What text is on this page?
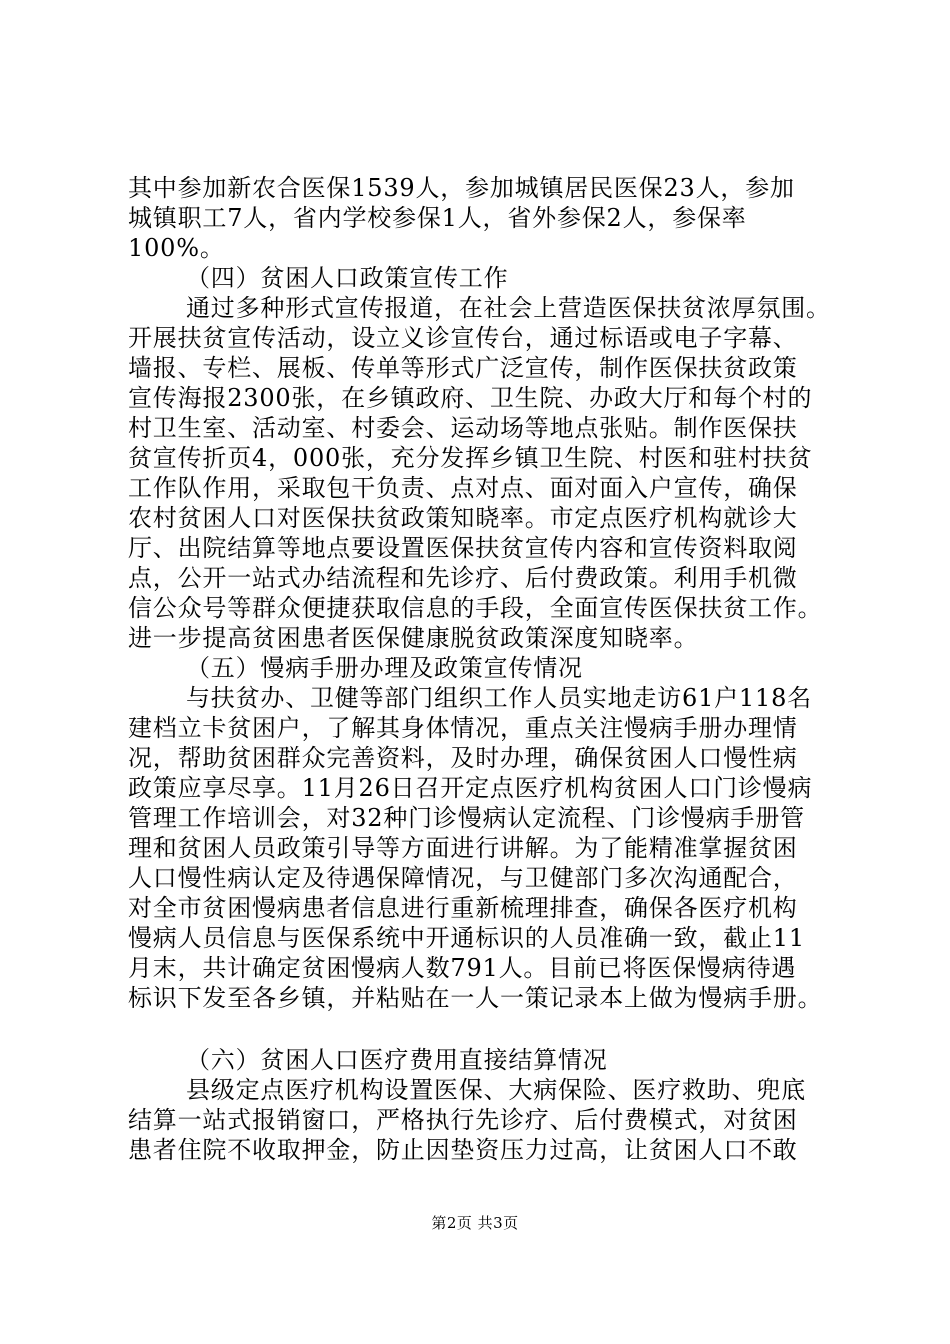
其中参加新农合医保1539人，参加城镇居民医保23人，参加
城镇职工7人，省内学校参保1人，省外参保2人，参保率
100%。
（四）贫困人口政策宣传工作
通过多种形式宣传报道，在社会上营造医保扶贫浓厚氛围。
开展扶贫宣传活动，设立义诊宣传台，通过标语或电子字幕、
墙报、专栏、展板、传单等形式广泛宣传，制作医保扶贫政策
宣传海报2300张，在乡镇政府、卫生院、办政大厅和每个村的
村卫生室、活动室、村委会、运动场等地点张贴。制作医保扶
贫宣传折页4，000张，充分发挥乡镇卫生院、村医和驻村扶贫
工作队作用，采取包干负责、点对点、面对面入户宣传，确保
农村贫困人口对医保扶贫政策知晓率。市定点医疗机构就诊大
厅、出院结算等地点要设置医保扶贫宣传内容和宣传资料取阅
点，公开一站式办结流程和先诊疗、后付费政策。利用手机微
信公众号等群众便捷获取信息的手段，全面宣传医保扶贫工作。
进一步提高贫困患者医保健康脱贫政策深度知晓率。
（五）慢病手册办理及政策宣传情况
与扶贫办、卫健等部门组织工作人员实地走访61户118名
建档立卡贫困户，了解其身体情况，重点关注慢病手册办理情
况，帮助贫困群众完善资料，及时办理，确保贫困人口慢性病
政策应享尽享。11月26日召开定点医疗机构贫困人口门诊慢病
管理工作培训会，对32种门诊慢病认定流程、门诊慢病手册管
理和贫困人员政策引导等方面进行讲解。为了能精准掌握贫困
人口慢性病认定及待遇保障情况，与卫健部门多次沟通配合，
对全市贫困慢病患者信息进行重新梳理排查，确保各医疗机构
慢病人员信息与医保系统中开通标识的人员准确一致，截止11
月末，共计确定贫困慢病人数791人。目前已将医保慢病待遇
标识下发至各乡镇，并粘贴在一人一策记录本上做为慢病手册。
（六）贫困人口医疗费用直接结算情况
县级定点医疗机构设置医保、大病保险、医疗救助、兜底
结算一站式报销窗口，严格执行先诊疗、后付费模式，对贫困
患者住院不收取押金，防止因垫资压力过高，让贫困人口不敢
第2页 共3页
